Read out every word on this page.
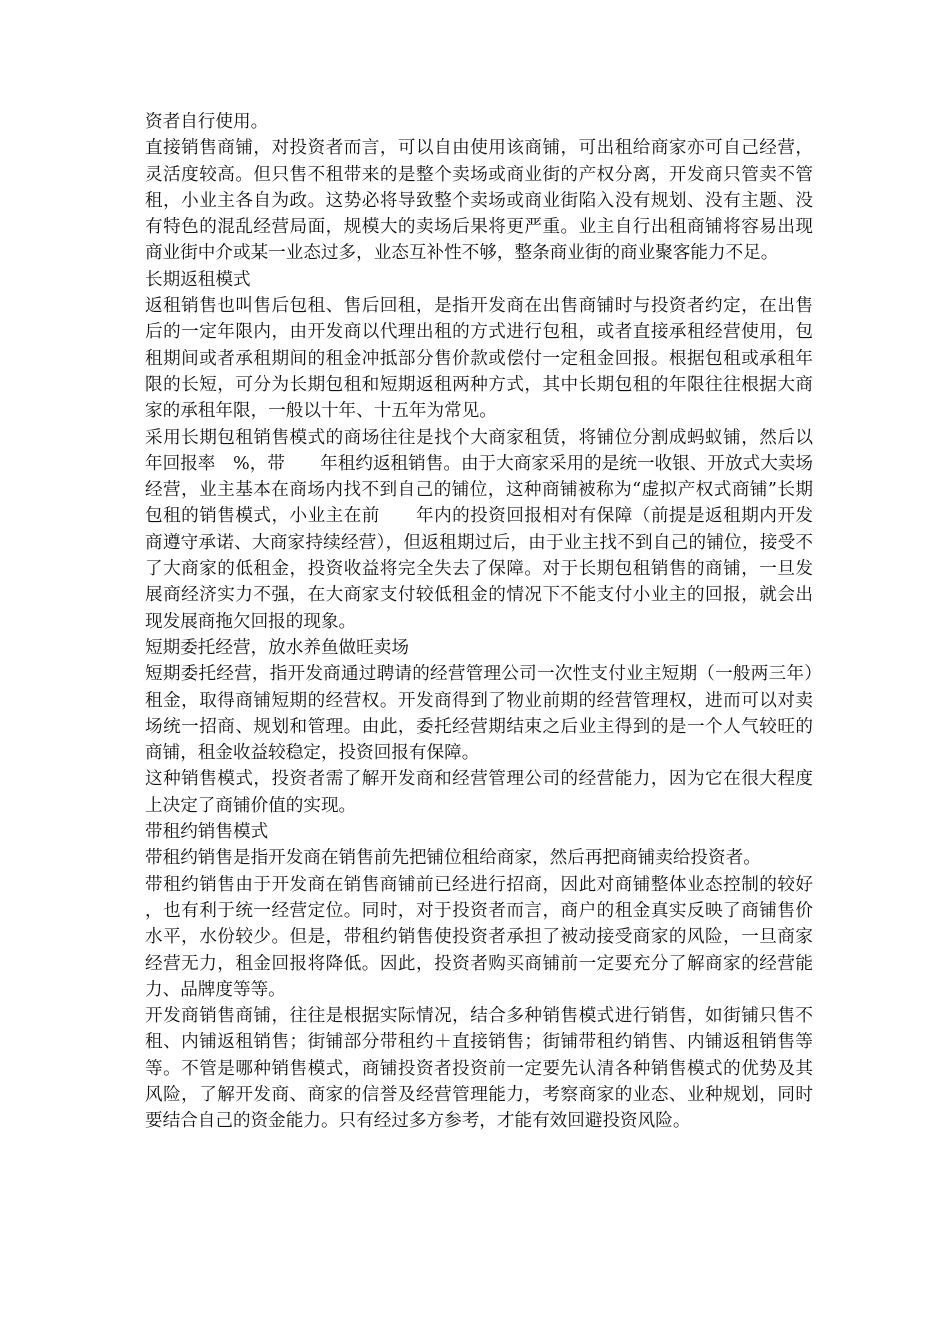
资者自行使用。

直接销售商铺，对投资者而言，可以自由使用该商铺，可出租给商家亦可自己经营，灵活度较高。但只售不租带来的是整个卖场或商业街的产权分离，开发商只管卖不管租，小业主各自为政。这势必将导致整个卖场或商业街陷入没有规划、没有主题、没有特色的混乱经营局面，规模大的卖场后果将更严重。业主自行出租商铺将容易出现商业街中介或某一业态过多，业态互补性不够，整条商业街的商业聚客能力不足。

长期返租模式

返租销售也叫售后包租、售后回租，是指开发商在出售商铺时与投资者约定，在出售后的一定年限内，由开发商以代理出租的方式进行包租，或者直接承租经营使用，包租期间或者承租期间的租金冲抵部分售价款或偿付一定租金回报。根据包租或承租年限的长短，可分为长期包租和短期返租两种方式，其中长期包租的年限往往根据大商家的承租年限，一般以十年、十五年为常见。

采用长期包租销售模式的商场往往是找个大商家租赁，将铺位分割成蚂蚁铺，然后以年回报率　%，带　　年租约返租销售。由于大商家采用的是统一收银、开放式大卖场经营，业主基本在商场内找不到自己的铺位，这种商铺被称为“虚拟产权式商铺”长期包租的销售模式，小业主在前　　年内的投资回报相对有保障（前提是返租期内开发商遵守承诺、大商家持续经营），但返租期过后，由于业主找不到自己的铺位，接受不了大商家的低租金，投资收益将完全失去了保障。对于长期包租销售的商铺，一旦发展商经济实力不强，在大商家支付较低租金的情况下不能支付小业主的回报，就会出现发展商拖欠回报的现象。

短期委托经营，放水养鱼做旺卖场

短期委托经营，指开发商通过聘请的经营管理公司一次性支付业主短期（一般两三年）租金，取得商铺短期的经营权。开发商得到了物业前期的经营管理权，进而可以对卖场统一招商、规划和管理。由此，委托经营期结束之后业主得到的是一个人气较旺的商铺，租金收益较稳定，投资回报有保障。

这种销售模式，投资者需了解开发商和经营管理公司的经营能力，因为它在很大程度上决定了商铺价值的实现。

带租约销售模式

带租约销售是指开发商在销售前先把铺位租给商家，然后再把商铺卖给投资者。

带租约销售由于开发商在销售商铺前已经进行招商，因此对商铺整体业态控制的较好，也有利于统一经营定位。同时，对于投资者而言，商户的租金真实反映了商铺售价水平，水份较少。但是，带租约销售使投资者承担了被动接受商家的风险，一旦商家经营无力，租金回报将降低。因此，投资者购买商铺前一定要充分了解商家的经营能力、品牌度等等。

开发商销售商铺，往往是根据实际情况，结合多种销售模式进行销售，如街铺只售不租、内铺返租销售；街铺部分带租约＋直接销售；街铺带租约销售、内铺返租销售等等。不管是哪种销售模式，商铺投资者投资前一定要先认清各种销售模式的优势及其风险，了解开发商、商家的信誉及经营管理能力，考察商家的业态、业种规划，同时要结合自己的资金能力。只有经过多方参考，才能有效回避投资风险。
